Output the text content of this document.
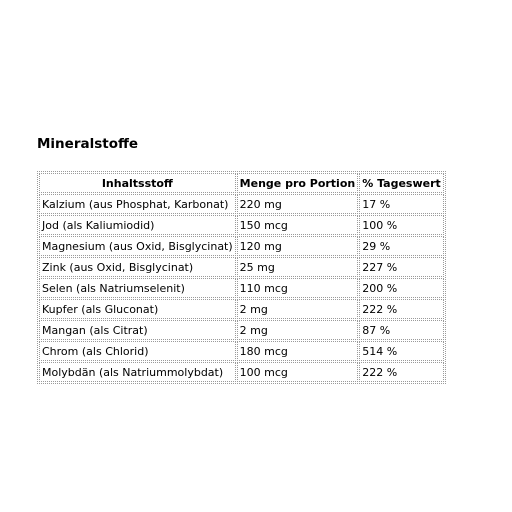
Mineralstoffe
Inhaltsstoff	Menge pro Portion	% Tageswert
Kalzium (aus Phosphat, Karbonat)	220 mg	17 %
Jod (als Kaliumiodid)	150 mcg	100 %
Magnesium (aus Oxid, Bisglycinat)	120 mg	29 %
Zink (aus Oxid, Bisglycinat)	25 mg	227 %
Selen (als Natriumselenit)	110 mcg	200 %
Kupfer (als Gluconat)	2 mg	222 %
Mangan (als Citrat)	2 mg	87 %
Chrom (als Chlorid)	180 mcg	514 %
Molybdän (als Natriummolybdat)	100 mcg	222 %
